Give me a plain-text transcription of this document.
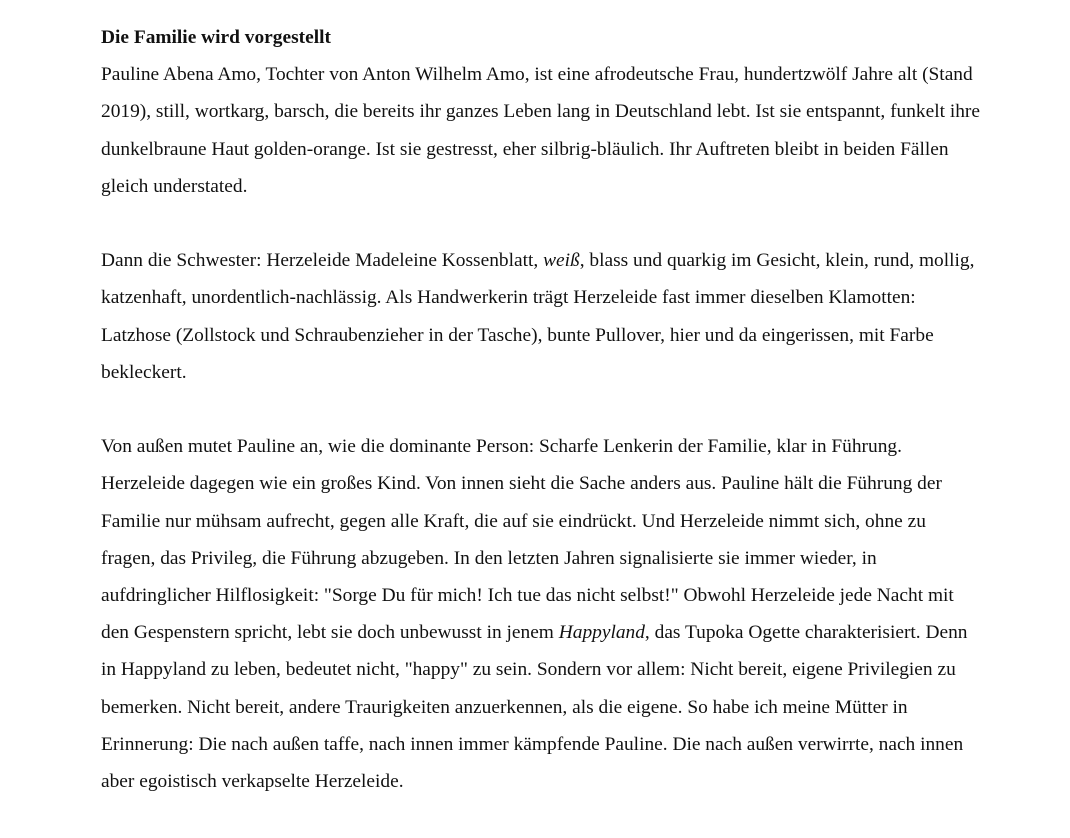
Die Familie wird vorgestellt

Pauline Abena Amo, Tochter von Anton Wilhelm Amo, ist eine afrodeutsche Frau, hundertzwölf Jahre alt (Stand 2019), still, wortkarg, barsch, die bereits ihr ganzes Leben lang in Deutschland lebt. Ist sie entspannt, funkelt ihre dunkelbraune Haut golden-orange. Ist sie gestresst, eher silbrig-bläulich. Ihr Auftreten bleibt in beiden Fällen gleich understated.

Dann die Schwester: Herzeleide Madeleine Kossenblatt, weiß, blass und quarkig im Gesicht, klein, rund, mollig, katzenhaft, unordentlich-nachlässig. Als Handwerkerin trägt Herzeleide fast immer dieselben Klamotten: Latzhose (Zollstock und Schraubenzieher in der Tasche), bunte Pullover, hier und da eingerissen, mit Farbe bekleckert.

Von außen mutet Pauline an, wie die dominante Person: Scharfe Lenkerin der Familie, klar in Führung. Herzeleide dagegen wie ein großes Kind. Von innen sieht die Sache anders aus. Pauline hält die Führung der Familie nur mühsam aufrecht, gegen alle Kraft, die auf sie eindrückt. Und Herzeleide nimmt sich, ohne zu fragen, das Privileg, die Führung abzugeben. In den letzten Jahren signalisierte sie immer wieder, in aufdringlicher Hilflosigkeit: "Sorge Du für mich! Ich tue das nicht selbst!" Obwohl Herzeleide jede Nacht mit den Gespenstern spricht, lebt sie doch unbewusst in jenem Happyland, das Tupoka Ogette charakterisiert. Denn in Happyland zu leben, bedeutet nicht, "happy" zu sein. Sondern vor allem: Nicht bereit, eigene Privilegien zu bemerken. Nicht bereit, andere Traurigkeiten anzuerkennen, als die eigene. So habe ich meine Mütter in Erinnerung: Die nach außen taffe, nach innen immer kämpfende Pauline. Die nach außen verwirrte, nach innen aber egoistisch verkapselte Herzeleide.
